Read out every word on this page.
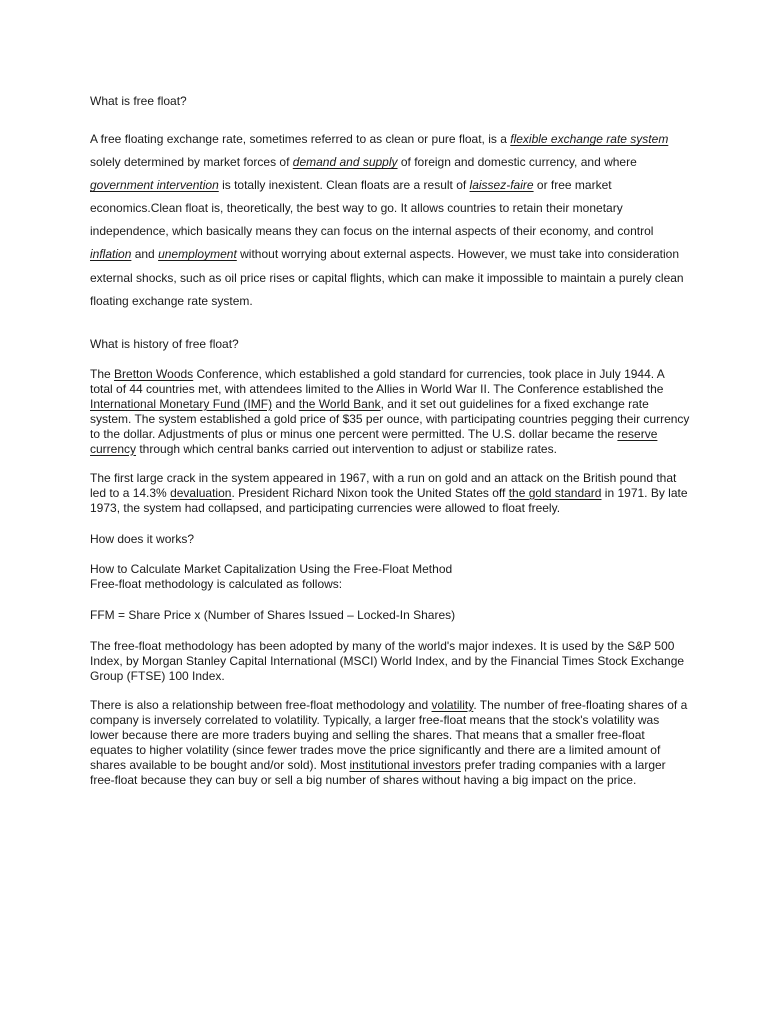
What is free float?

A free floating exchange rate, sometimes referred to as clean or pure float, is a flexible exchange rate system solely determined by market forces of demand and supply of foreign and domestic currency, and where government intervention is totally inexistent. Clean floats are a result of laissez-faire or free market economics.Clean float is, theoretically, the best way to go. It allows countries to retain their monetary independence, which basically means they can focus on the internal aspects of their economy, and control inflation and unemployment without worrying about external aspects. However, we must take into consideration external shocks, such as oil price rises or capital flights, which can make it impossible to maintain a purely clean floating exchange rate system.

What is history of free float?

The Bretton Woods Conference, which established a gold standard for currencies, took place in July 1944. A total of 44 countries met, with attendees limited to the Allies in World War II. The Conference established the International Monetary Fund (IMF) and the World Bank, and it set out guidelines for a fixed exchange rate system. The system established a gold price of $35 per ounce, with participating countries pegging their currency to the dollar. Adjustments of plus or minus one percent were permitted. The U.S. dollar became the reserve currency through which central banks carried out intervention to adjust or stabilize rates.

The first large crack in the system appeared in 1967, with a run on gold and an attack on the British pound that led to a 14.3% devaluation. President Richard Nixon took the United States off the gold standard in 1971. By late 1973, the system had collapsed, and participating currencies were allowed to float freely.

How does it works?

How to Calculate Market Capitalization Using the Free-Float Method

Free-float methodology is calculated as follows:

FFM = Share Price x (Number of Shares Issued – Locked-In Shares)

The free-float methodology has been adopted by many of the world's major indexes. It is used by the S&P 500 Index, by Morgan Stanley Capital International (MSCI) World Index, and by the Financial Times Stock Exchange Group (FTSE) 100 Index.

There is also a relationship between free-float methodology and volatility. The number of free-floating shares of a company is inversely correlated to volatility. Typically, a larger free-float means that the stock's volatility was lower because there are more traders buying and selling the shares. That means that a smaller free-float equates to higher volatility (since fewer trades move the price significantly and there are a limited amount of shares available to be bought and/or sold). Most institutional investors prefer trading companies with a larger free-float because they can buy or sell a big number of shares without having a big impact on the price.
